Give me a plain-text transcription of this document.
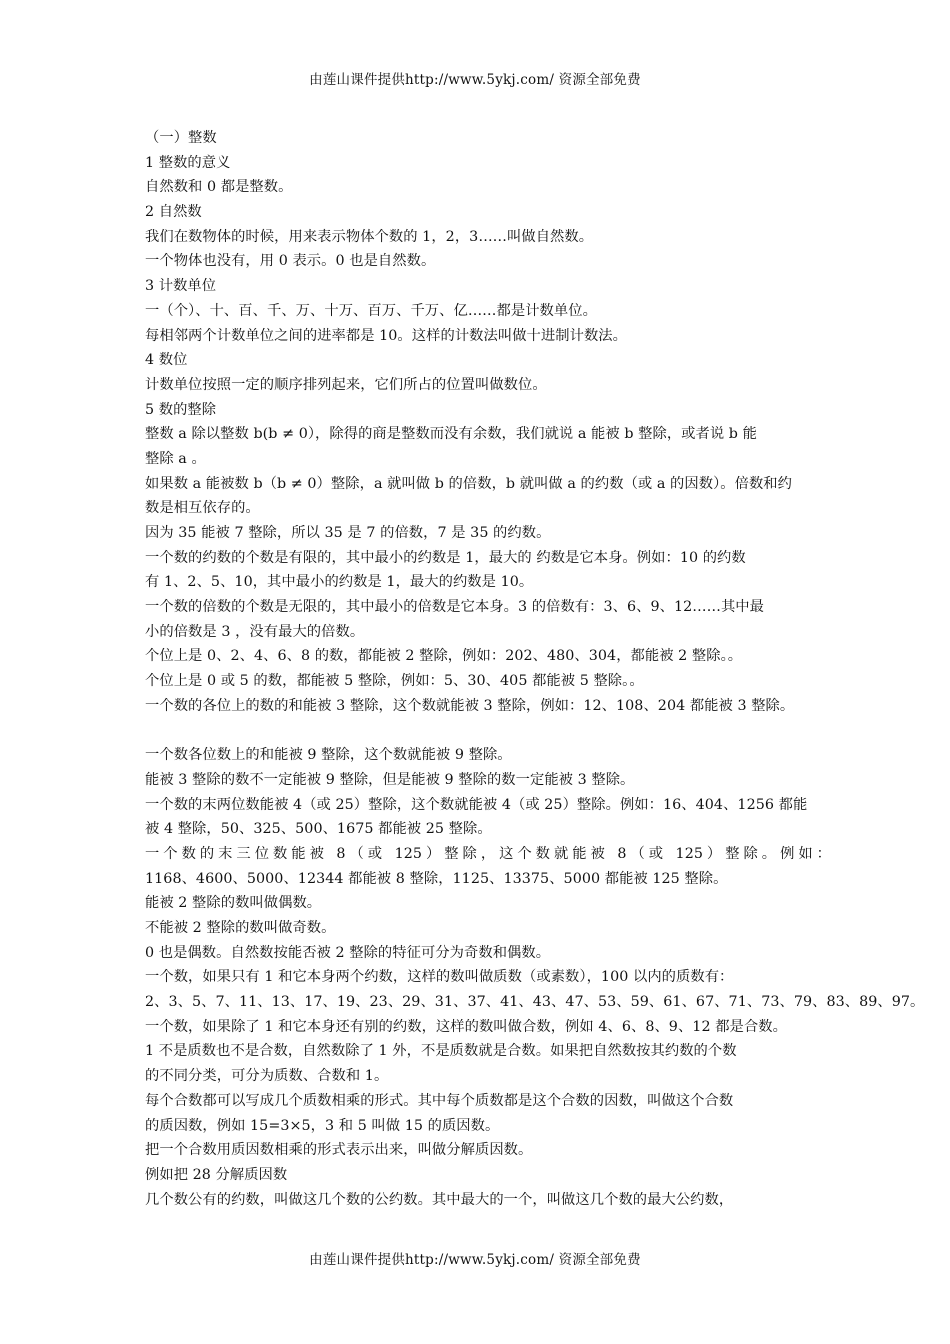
由莲山课件提供http://www.5ykj.com/ 资源全部免费
（一）整数
1 整数的意义
自然数和 0 都是整数。
2 自然数
我们在数物体的时候，用来表示物体个数的 1，2，3……叫做自然数。
一个物体也没有，用 0 表示。0 也是自然数。
3 计数单位
一（个）、十、百、千、万、十万、百万、千万、亿……都是计数单位。
每相邻两个计数单位之间的进率都是 10。这样的计数法叫做十进制计数法。
4 数位
计数单位按照一定的顺序排列起来，它们所占的位置叫做数位。
5 数的整除
整数 a 除以整数 b(b ≠ 0），除得的商是整数而没有余数，我们就说 a 能被 b 整除，或者说 b 能
整除 a 。
如果数 a 能被数 b（b ≠ 0）整除，a 就叫做 b 的倍数，b 就叫做 a 的约数（或 a 的因数）。倍数和约
数是相互依存的。
因为 35 能被 7 整除，所以 35 是 7 的倍数，7 是 35 的约数。
一个数的约数的个数是有限的，其中最小的约数是 1，最大的 约数是它本身。例如：10 的约数
有 1、2、5、10，其中最小的约数是 1，最大的约数是 10。
一个数的倍数的个数是无限的，其中最小的倍数是它本身。3 的倍数有：3、6、9、12……其中最
小的倍数是 3 ，没有最大的倍数。
个位上是 0、2、4、6、8 的数，都能被 2 整除，例如：202、480、304，都能被 2 整除。。
个位上是 0 或 5 的数，都能被 5 整除，例如：5、30、405 都能被 5 整除。。
一个数的各位上的数的和能被 3 整除，这个数就能被 3 整除，例如：12、108、204 都能被 3 整除。
一个数各位数上的和能被 9 整除，这个数就能被 9 整除。
能被 3 整除的数不一定能被 9 整除，但是能被 9 整除的数一定能被 3 整除。
一个数的末两位数能被 4（或 25）整除，这个数就能被 4（或 25）整除。例如：16、404、1256 都能
被 4 整除，50、325、500、1675 都能被 25 整除。
一个数的末三位数能被 8（或 125）整除，这个数就能被 8（或 125）整除。例如：
1168、4600、5000、12344 都能被 8 整除，1125、13375、5000 都能被 125 整除。
能被 2 整除的数叫做偶数。
不能被 2 整除的数叫做奇数。
0 也是偶数。自然数按能否被 2 整除的特征可分为奇数和偶数。
一个数，如果只有 1 和它本身两个约数，这样的数叫做质数（或素数），100 以内的质数有：
2、3、5、7、11、13、17、19、23、29、31、37、41、43、47、53、59、61、67、71、73、79、83、89、97。
一个数，如果除了 1 和它本身还有别的约数，这样的数叫做合数，例如 4、6、8、9、12 都是合数。
1 不是质数也不是合数，自然数除了 1 外，不是质数就是合数。如果把自然数按其约数的个数
的不同分类，可分为质数、合数和 1。
每个合数都可以写成几个质数相乘的形式。其中每个质数都是这个合数的因数，叫做这个合数
的质因数，例如 15=3×5，3 和 5 叫做 15 的质因数。
把一个合数用质因数相乘的形式表示出来，叫做分解质因数。
例如把 28 分解质因数
几个数公有的约数，叫做这几个数的公约数。其中最大的一个，叫做这几个数的最大公约数，
由莲山课件提供http://www.5ykj.com/ 资源全部免费
